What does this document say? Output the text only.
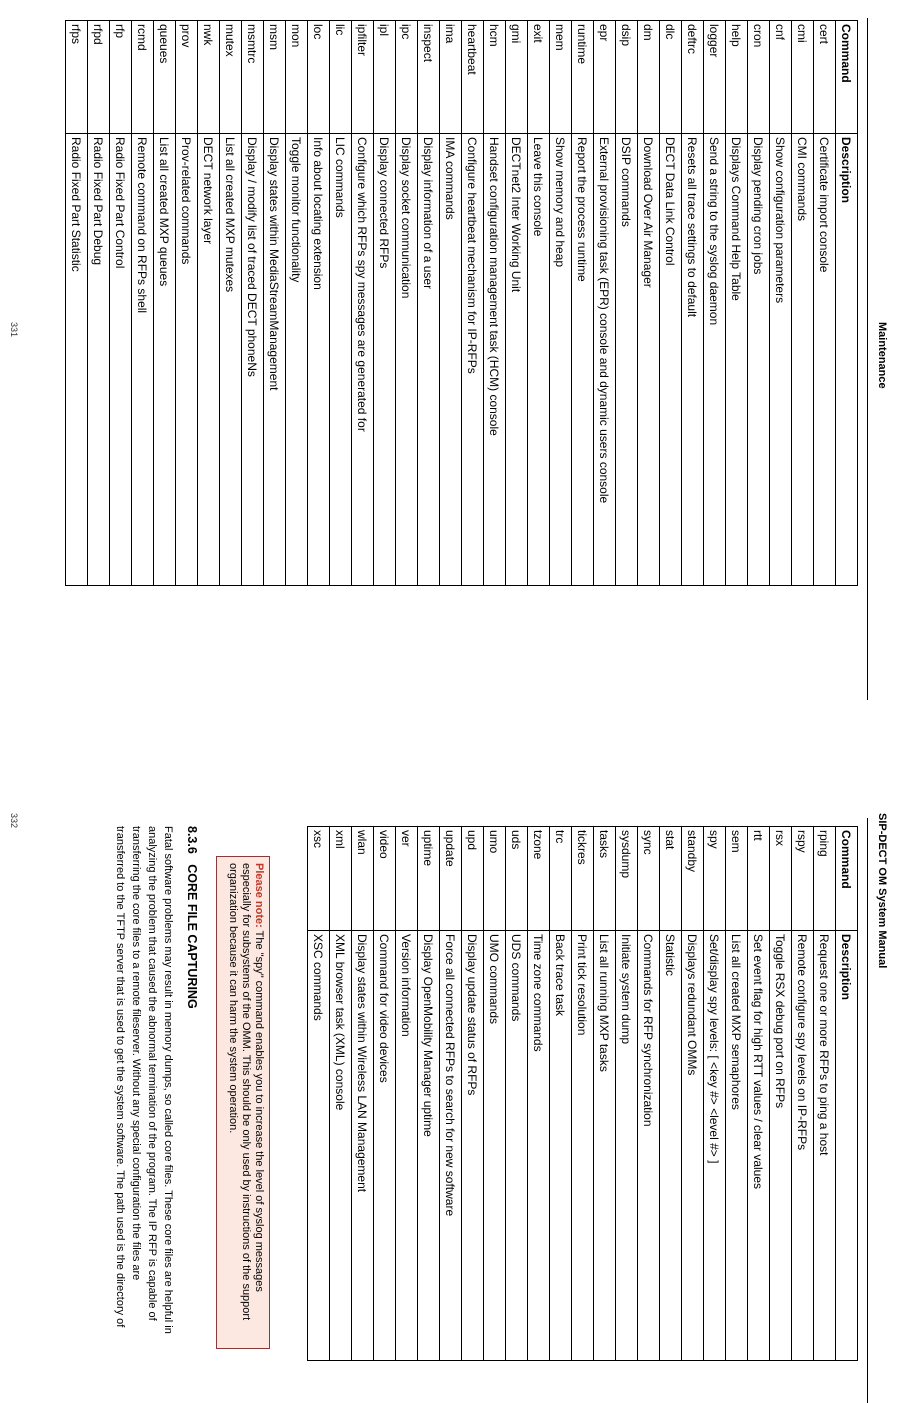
Maintenance
Command	Description
cert	Certificate import console
cmi	CMI commands
cnf	Show configuration parameters
cron	Display pending cron jobs
help	Displays Command Help Table
logger	Send a string to the syslog daemon
deftrc	Resets all trace settings to default
dlc	DECT Data Link Control
dm	Download Over Air Manager
dsip	DSIP commands
epr	External provisioning task (EPR) console and dynamic users console
runtime	Report the process runtime
mem	Show memory and heap
exit	Leave this console
gmi	DECTnet2 Inter Working Unit
hcm	Handset configuration management task (HCM) console
heartbeat	Configure heartbeat mechanism for IP-RFPs
ima	IMA commands
inspect	Display information of a user
ipc	Display socket communication
ipl	Display connected RFPs
ipfilter	Configure which RFPs spy messages are generated for
lic	LIC commands
loc	Info about locating extension
mon	Toggle monitor functionality
msm	Display states within MediaStreamManagement
msmtrc	Display / modify list of traced DECT phoneNs
mutex	List all created MXP mutexes
nwk	DECT network layer
prov	Prov-related commands
queues	List all created MXP queues
rcmd	Remote command on RFPs shell
rfp	Radio Fixed Part Control
rfpd	Radio Fixed Part Debug
rfps	Radio Fixed Part Statistic
331
SIP-DECT OM System Manual
Command	Description
rping	Request one or more RFPs to ping a host
rspy	Remote configure spy levels on IP-RFPs
rsx	Toggle RSX debug port on RFPs
rtt	Set event flag for high RTT values / clear values
sem	List all created MXP semaphores
spy	Set/display spy levels: [ <key #> <level #> ]
standby	Displays redundant OMMs
stat	Statistic
sync	Commands for RFP synchronization
sysdump	Initiate system dump
tasks	List all running MXP tasks
tickres	Print tick resolution
trc	Back trace task
tzone	Time zone commands
uds	UDS commands
umo	UMO commands
upd	Display update status of RFPs
update	Force all connected RFPs to search for new software
uptime	Display OpenMobility Manager uptime
ver	Version information
video	Command for video devices
wlan	Display states within Wireless LAN Management
xml	XML browser task (XML) console
xsc	XSC commands
Please note: The "spy" command enables you to increase the level of syslog messages especially for subsystems of the OMM. This should be only used by instructions of the support organization because it can harm the system operation.
8.3.6   CORE FILE CAPTURING
Fatal software problems may result in memory dumps, so called core files. These core files are helpful in
analyzing the problem that caused the abnormal termination of the program. The IP RFP is capable of
transferring the core files to a remote fileserver. Without any special configuration the files are
transferred to the TFTP server that is used to get the system software. The path used is the directory of
332
